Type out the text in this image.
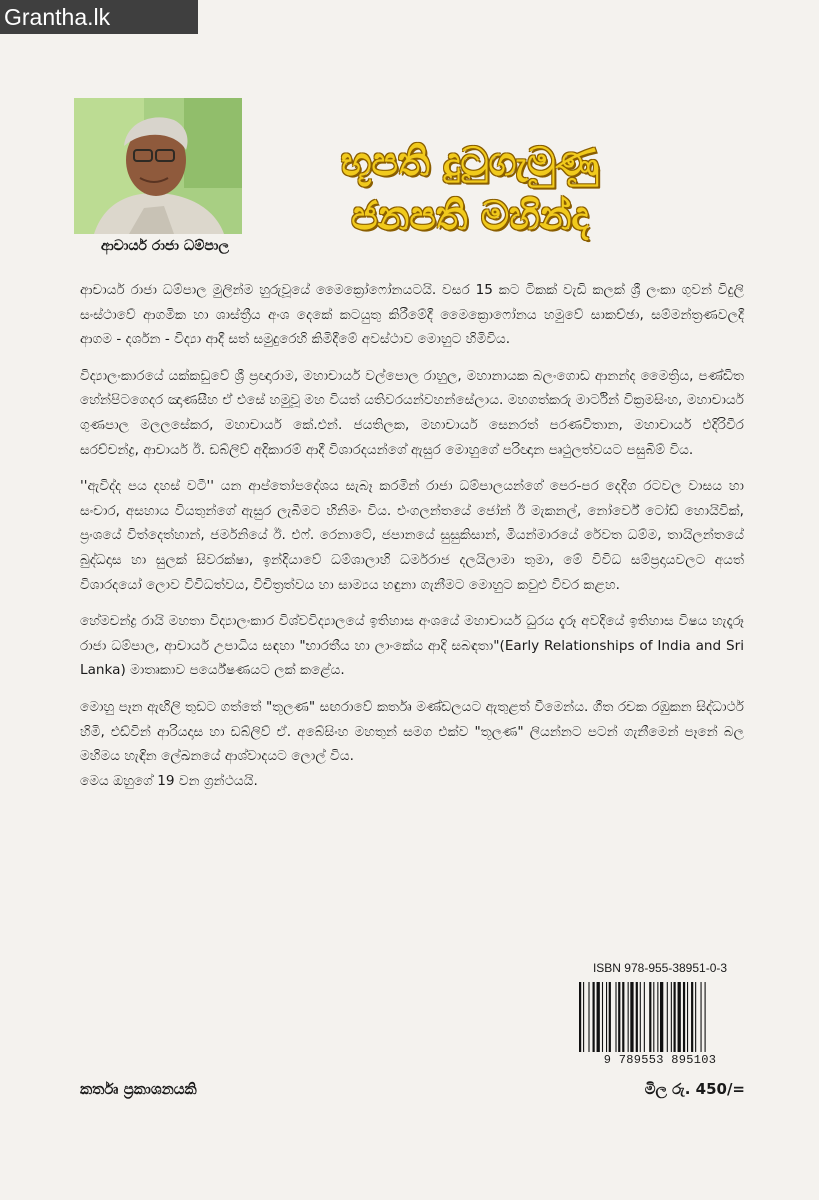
Grantha.lk
ආචාර්ය රාජා ධම්පාල
භූපති දුටුගැමුණු
ජනපති මහින්ද

ආචාර්ය රාජා ධම්පාල මුලින්ම හුරුවූයේ මෛක්‍රෝෆෝනයටයි. වසර 15 කට ටිකක් වැඩි කලක් ශ්‍රී ලංකා ගුවන් විදුලි සංස්ථාවේ ආගමික හා ශාස්ත්‍රීය අංශ දෙකේ කටයුතු කිරීමේදී මෛක්‍රොෆෝනය හමුවේ සාකච්ඡා, සම්මන්ත්‍රණවලදී ආගම - දර්ශන - විද්‍යා ආදී සත් සමුදුරෙහි කිමිදීමේ අවස්ථාව මොහුට හිමිවිය.

විද්‍යාලංකාරයේ යක්කඩුවේ ශ්‍රී ප්‍රඥාරාම, මහාචාර්ය වල්පොල රාහුල, මහානායක බලංගොඩ ආනන්ද මෛත්‍රිය, පණ්ඩිත හේන්පිටගෙදර ඤාණසීහ ඒ එසේ හමුවූ මහ වියත් යතිවරයන්වහන්සේලාය. මහගත්කරු මාර්ටින් වික්‍රමසිංහ, මහාචාර්ය ගුණපාල මලලසේකර, මහාචාර්ය කේ.එන්. ජයතිලක, මහාචාර්ය සෙනරත් පරණවිතාන, මහාචාර්ය එදිරිවීර සරච්චන්ද්‍ර, ආචාර්ය ඊ. ඩබ්ලිව් අදිකාරම් ආදී විශාරදයන්ගේ ඇසුර මොහුගේ පරිඥාන පෘථුලත්වයට පසුබිම් විය.

''ඇවිද්ද පය දහස් වටී'' යන ආප්තෝපදේශය සැබෑ කරමින් රාජා ධම්පාලයන්ගේ පෙර-පර දෙදිග රටවල වාසය හා සංචාර, අසහාය වියතුන්ගේ ඇසුර ලැබීමට හිනිමං විය. එංගලන්තයේ ජෝන් ඊ මැකනල්, නෝර්වේ ටෝඩ් හොයිවික්, ප්‍රංශයේ විත්දෙත්හාන්, ජර්මනියේ ඊ. එෆ්. රෙනාටේ, ජපානයේ සුසුකිසාන්, මියන්මාරයේ රේවත ධම්ම, තායිලන්තයේ බුද්ධදාස හා සුලක් සිවරක්ෂා, ඉන්දියාවේ ධම්ශාලාහි ධර්මරාජ දලයිලාමා තුමා, මේ විවිධ සම්ප්‍රදායවලට අයත් විශාරදයෝ ලොව විවිධත්වය, විචිත්‍රත්වය හා සාම්‍යය හඳුනා ගැනීමට මොහුට කවුළු විවර කළහ.

හේමචන්ද්‍ර රායි මහතා විද්‍යාලංකාර විශ්වවිද්‍යාලයේ ඉතිහාස අංශයේ මහාචාර්ය ධුරය දැරූ අවදියේ ඉතිහාස විෂය හැදෑරූ රාජා ධම්පාල, ආචාර්ය උපාධිය සඳහා "භාරතීය හා ලාංකේය ආදි සබඳතා"(Early Relationships of India and Sri Lanka) මාතෘකාව පර්යේෂණයට ලක් කළේය.

මොහු පෑන ඇඟිලි තුඩට ගත්තේ "තූලණ" සඟරාවේ කර්තෘ මණ්ඩලයට ඇතුළත් වීමෙන්ය. ගීත රචක රඹුකන සිද්ධාර්ථ හිමි, එඩ්වින් ආරියදාස හා ඩබ්ලිව් ඒ. අබේසිංහ මහතුන් සමග එක්ව "තූලණ" ලියන්නට පටන් ගැනීමෙන් පෑනේ බල මහිමය හැඳින ලේඛනයේ ආශ්වාදයට ලොල් විය.

මෙය ඔහුගේ 19 වන ග්‍රන්ථයයි.

ISBN 978-955-38951-0-3
9 789553 895103
කර්තෘ ප්‍රකාශනයකි	මිල රු. 450/=
